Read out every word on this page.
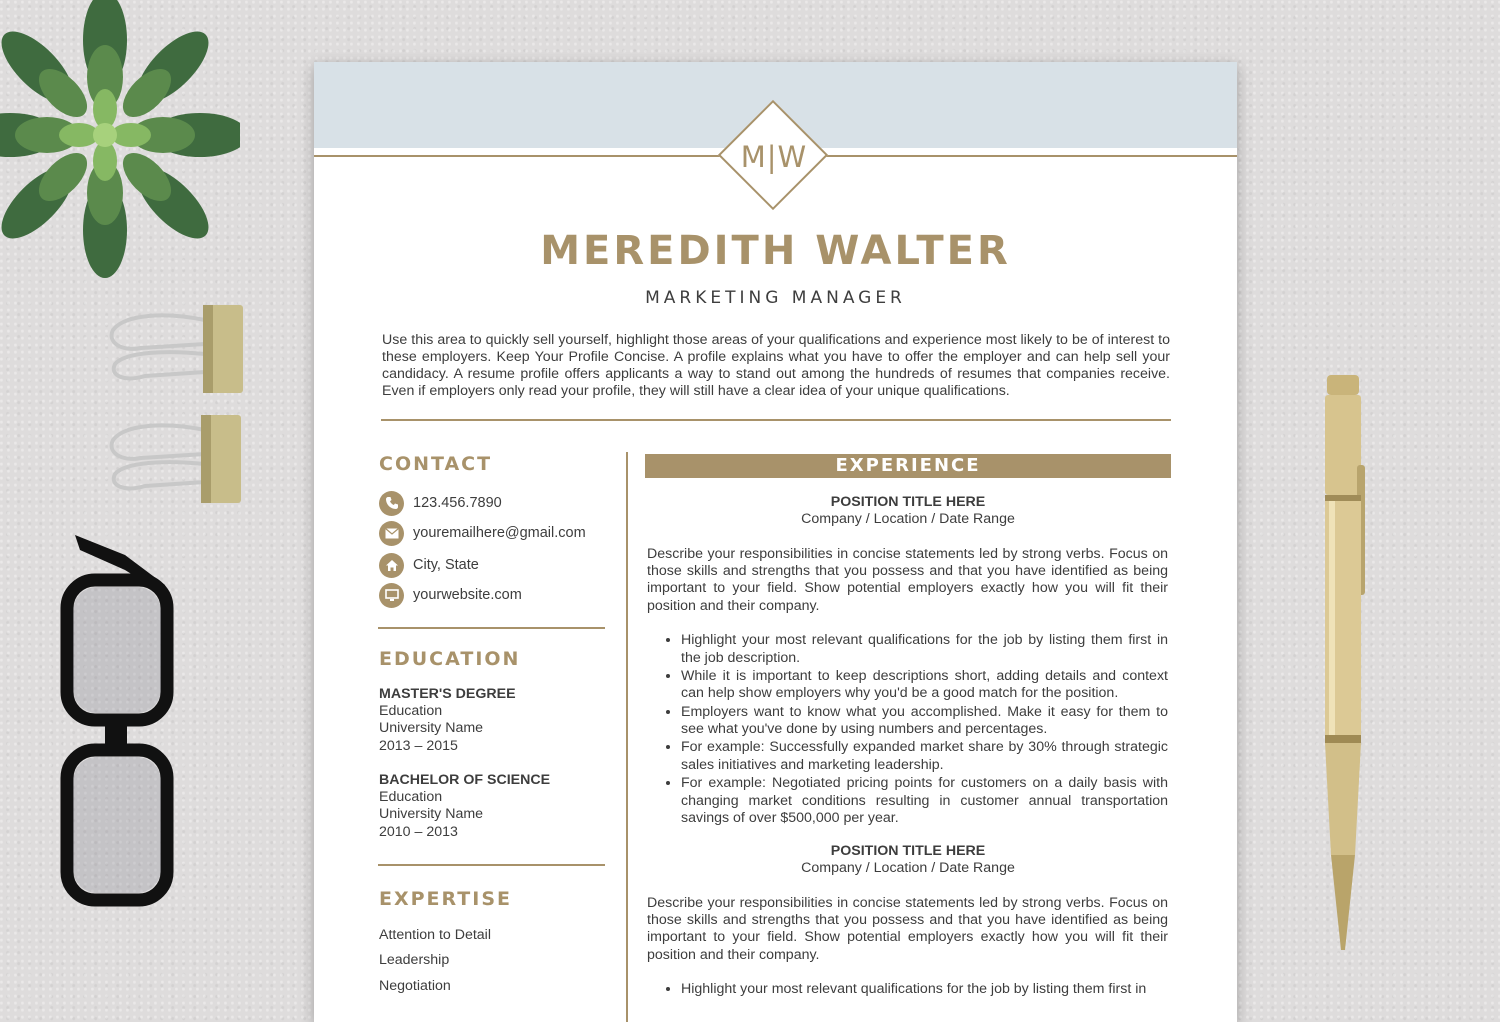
M|W
MEREDITH WALTER
MARKETING MANAGER
Use this area to quickly sell yourself, highlight those areas of your qualifications and experience most likely to be of interest to these employers. Keep Your Profile Concise. A profile explains what you have to offer the employer and can help sell your candidacy. A resume profile offers applicants a way to stand out among the hundreds of resumes that companies receive. Even if employers only read your profile, they will still have a clear idea of your unique qualifications.
CONTACT
123.456.7890
youremailhere@gmail.com
City, State
yourwebsite.com
EDUCATION
MASTER'S DEGREE
Education
University Name
2013 – 2015
BACHELOR OF SCIENCE
Education
University Name
2010 – 2013
EXPERTISE
Attention to Detail
Leadership
Negotiation
EXPERIENCE
POSITION TITLE HERE
Company / Location / Date Range
Describe your responsibilities in concise statements led by strong verbs. Focus on those skills and strengths that you possess and that you have identified as being important to your field. Show potential employers exactly how you will fit their position and their company.
• Highlight your most relevant qualifications for the job by listing them first in the job description.
• While it is important to keep descriptions short, adding details and context can help show employers why you'd be a good match for the position.
• Employers want to know what you accomplished. Make it easy for them to see what you've done by using numbers and percentages.
• For example: Successfully expanded market share by 30% through strategic sales initiatives and marketing leadership.
• For example: Negotiated pricing points for customers on a daily basis with changing market conditions resulting in customer annual transportation savings of over $500,000 per year.
POSITION TITLE HERE
Company / Location / Date Range
Describe your responsibilities in concise statements led by strong verbs. Focus on those skills and strengths that you possess and that you have identified as being important to your field. Show potential employers exactly how you will fit their position and their company.
• Highlight your most relevant qualifications for the job by listing them first in
